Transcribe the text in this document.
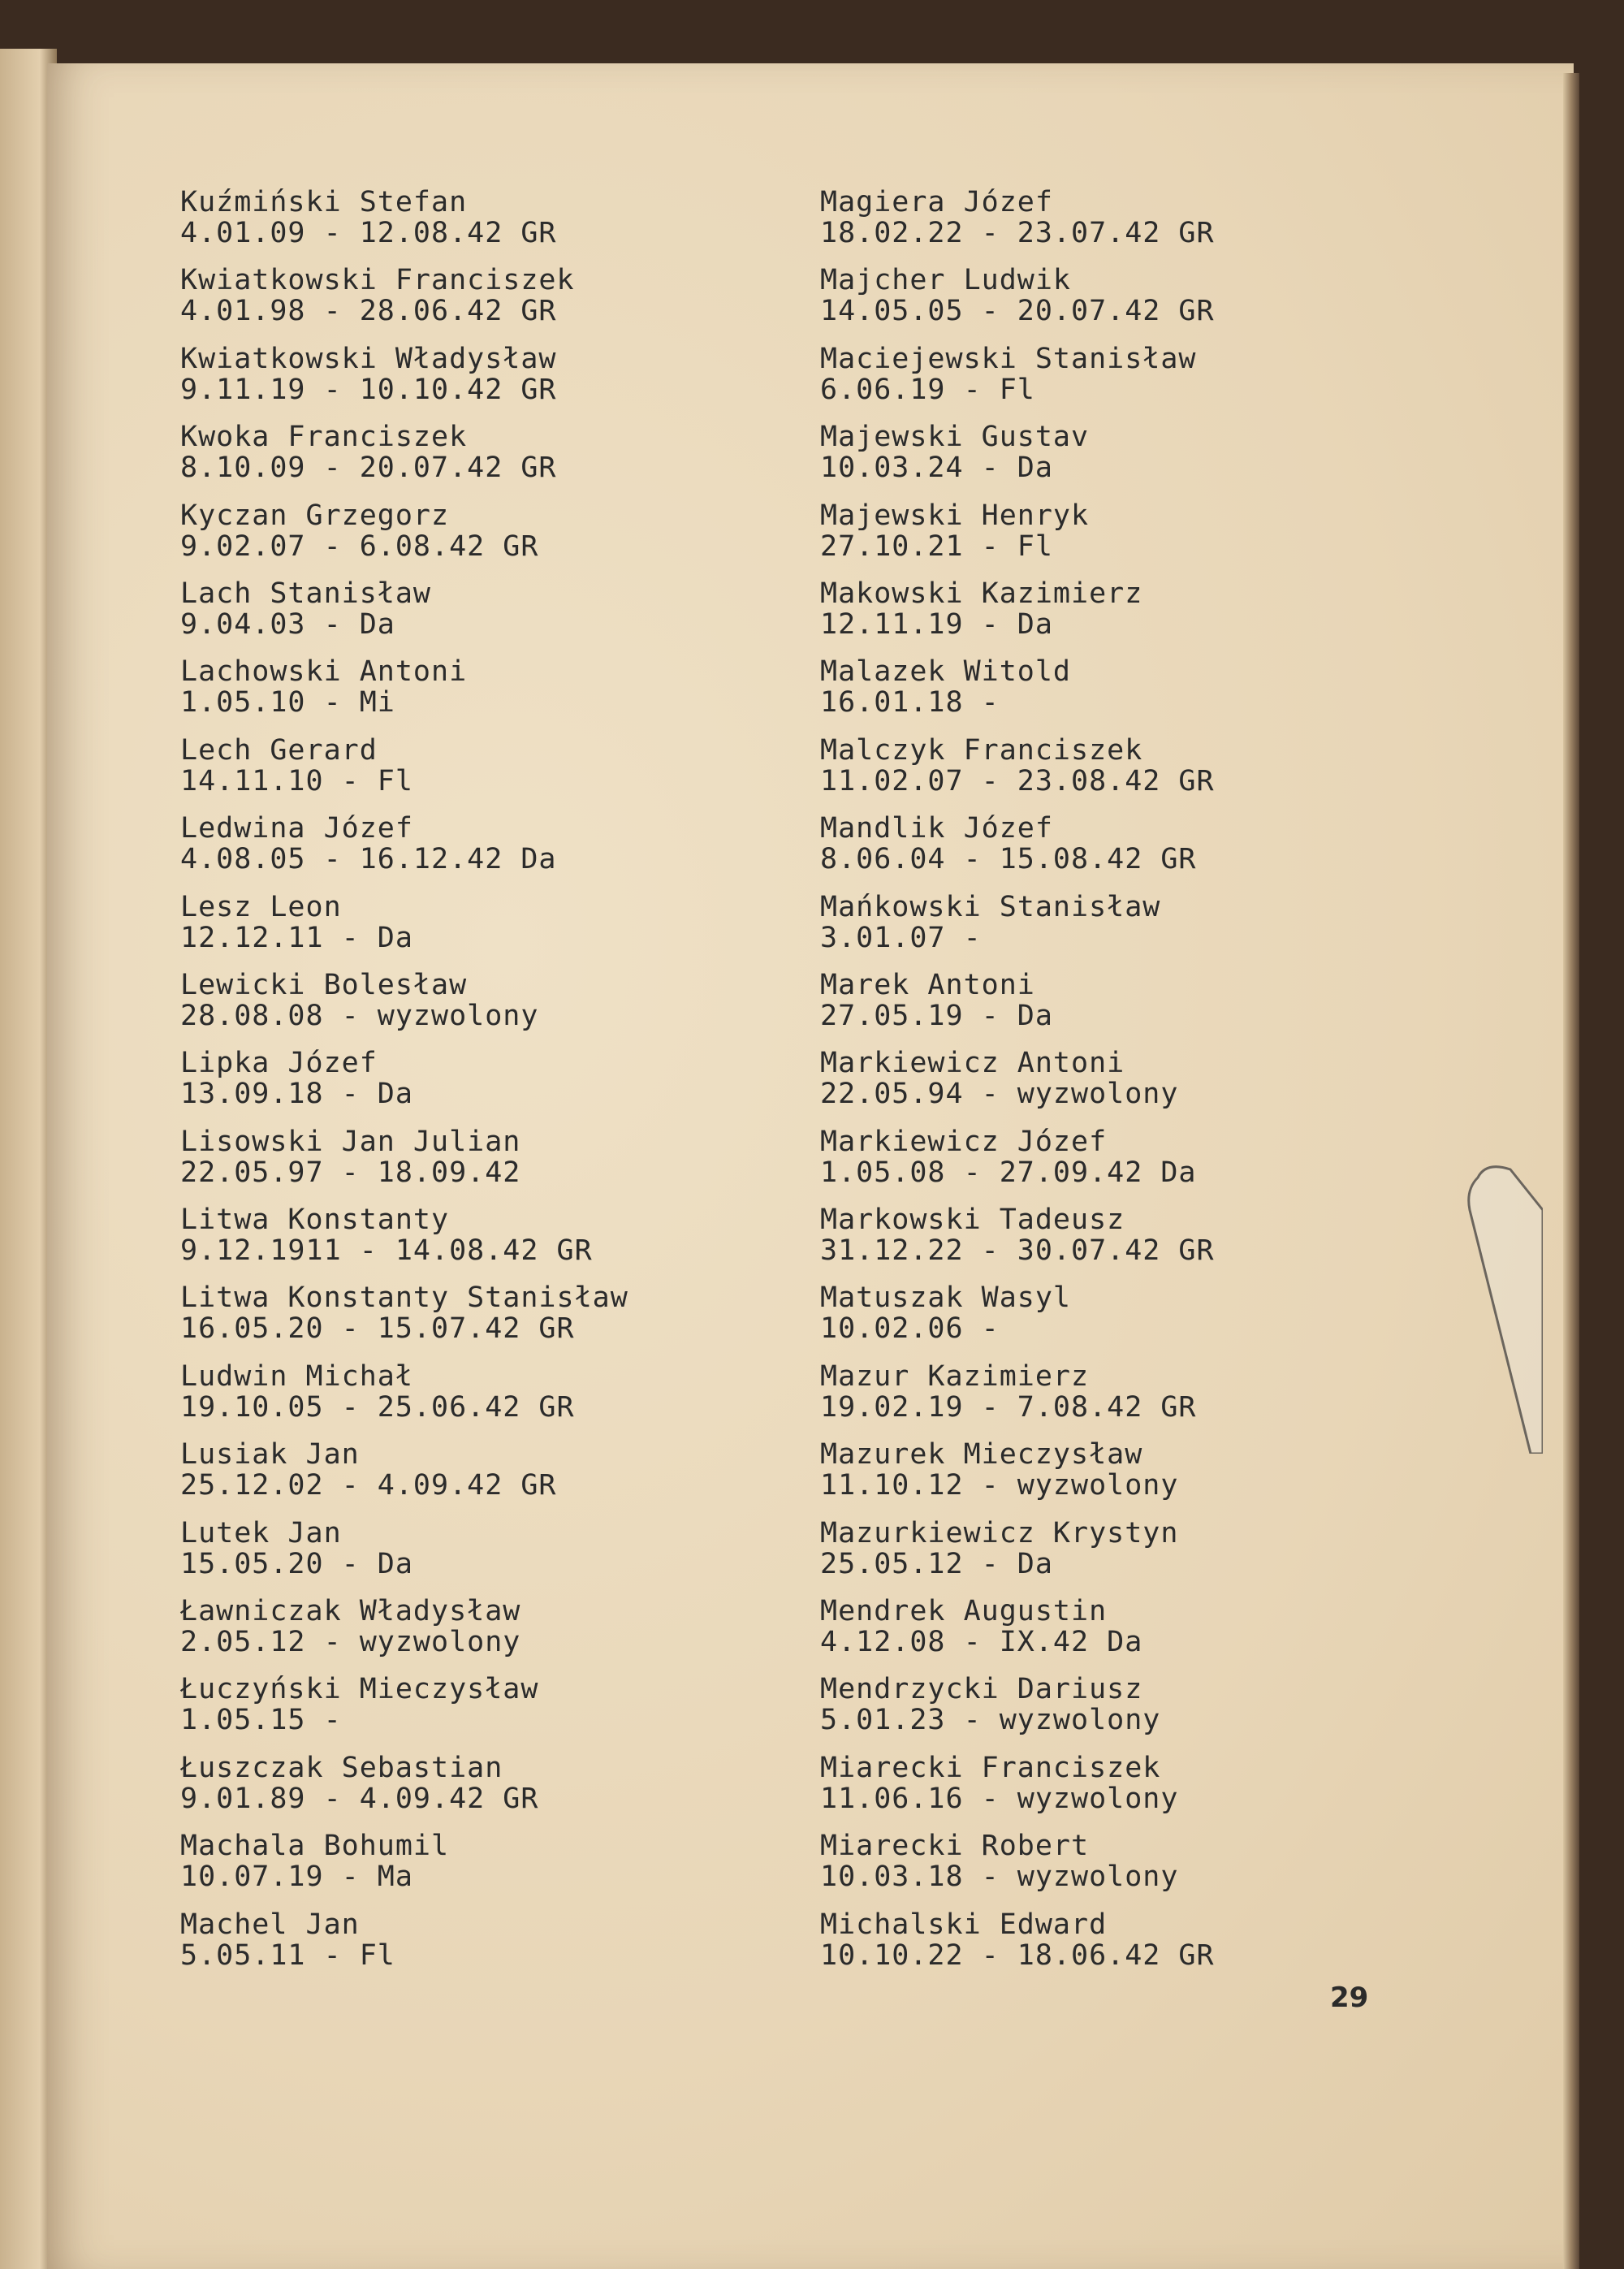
Kuźmiński Stefan
4.01.09 - 12.08.42 GR
Kwiatkowski Franciszek
4.01.98 - 28.06.42 GR
Kwiatkowski Władysław
9.11.19 - 10.10.42 GR
Kwoka Franciszek
8.10.09 - 20.07.42 GR
Kyczan Grzegorz
9.02.07 - 6.08.42 GR
Lach Stanisław
9.04.03 - Da
Lachowski Antoni
1.05.10 - Mi
Lech Gerard
14.11.10 - Fl
Ledwina Józef
4.08.05 - 16.12.42 Da
Lesz Leon
12.12.11 - Da
Lewicki Bolesław
28.08.08 - wyzwolony
Lipka Józef
13.09.18 - Da
Lisowski Jan Julian
22.05.97 - 18.09.42
Litwa Konstanty
9.12.1911 - 14.08.42 GR
Litwa Konstanty Stanisław
16.05.20 - 15.07.42 GR
Ludwin Michał
19.10.05 - 25.06.42 GR
Lusiak Jan
25.12.02 - 4.09.42 GR
Lutek Jan
15.05.20 - Da
Ławniczak Władysław
2.05.12 - wyzwolony
Łuczyński Mieczysław
1.05.15 -
Łuszczak Sebastian
9.01.89 - 4.09.42 GR
Machala Bohumil
10.07.19 - Ma
Machel Jan
5.05.11 - Fl
Magiera Józef
18.02.22 - 23.07.42 GR
Majcher Ludwik
14.05.05 - 20.07.42 GR
Maciejewski Stanisław
6.06.19 - Fl
Majewski Gustav
10.03.24 - Da
Majewski Henryk
27.10.21 - Fl
Makowski Kazimierz
12.11.19 - Da
Malazek Witold
16.01.18 -
Malczyk Franciszek
11.02.07 - 23.08.42 GR
Mandlik Józef
8.06.04 - 15.08.42 GR
Mańkowski Stanisław
3.01.07 -
Marek Antoni
27.05.19 - Da
Markiewicz Antoni
22.05.94 - wyzwolony
Markiewicz Józef
1.05.08 - 27.09.42 Da
Markowski Tadeusz
31.12.22 - 30.07.42 GR
Matuszak Wasyl
10.02.06 -
Mazur Kazimierz
19.02.19 - 7.08.42 GR
Mazurek Mieczysław
11.10.12 - wyzwolony
Mazurkiewicz Krystyn
25.05.12 - Da
Mendrek Augustin
4.12.08 - IX.42 Da
Mendrzycki Dariusz
5.01.23 - wyzwolony
Miarecki Franciszek
11.06.16 - wyzwolony
Miarecki Robert
10.03.18 - wyzwolony
Michalski Edward
10.10.22 - 18.06.42 GR
29
